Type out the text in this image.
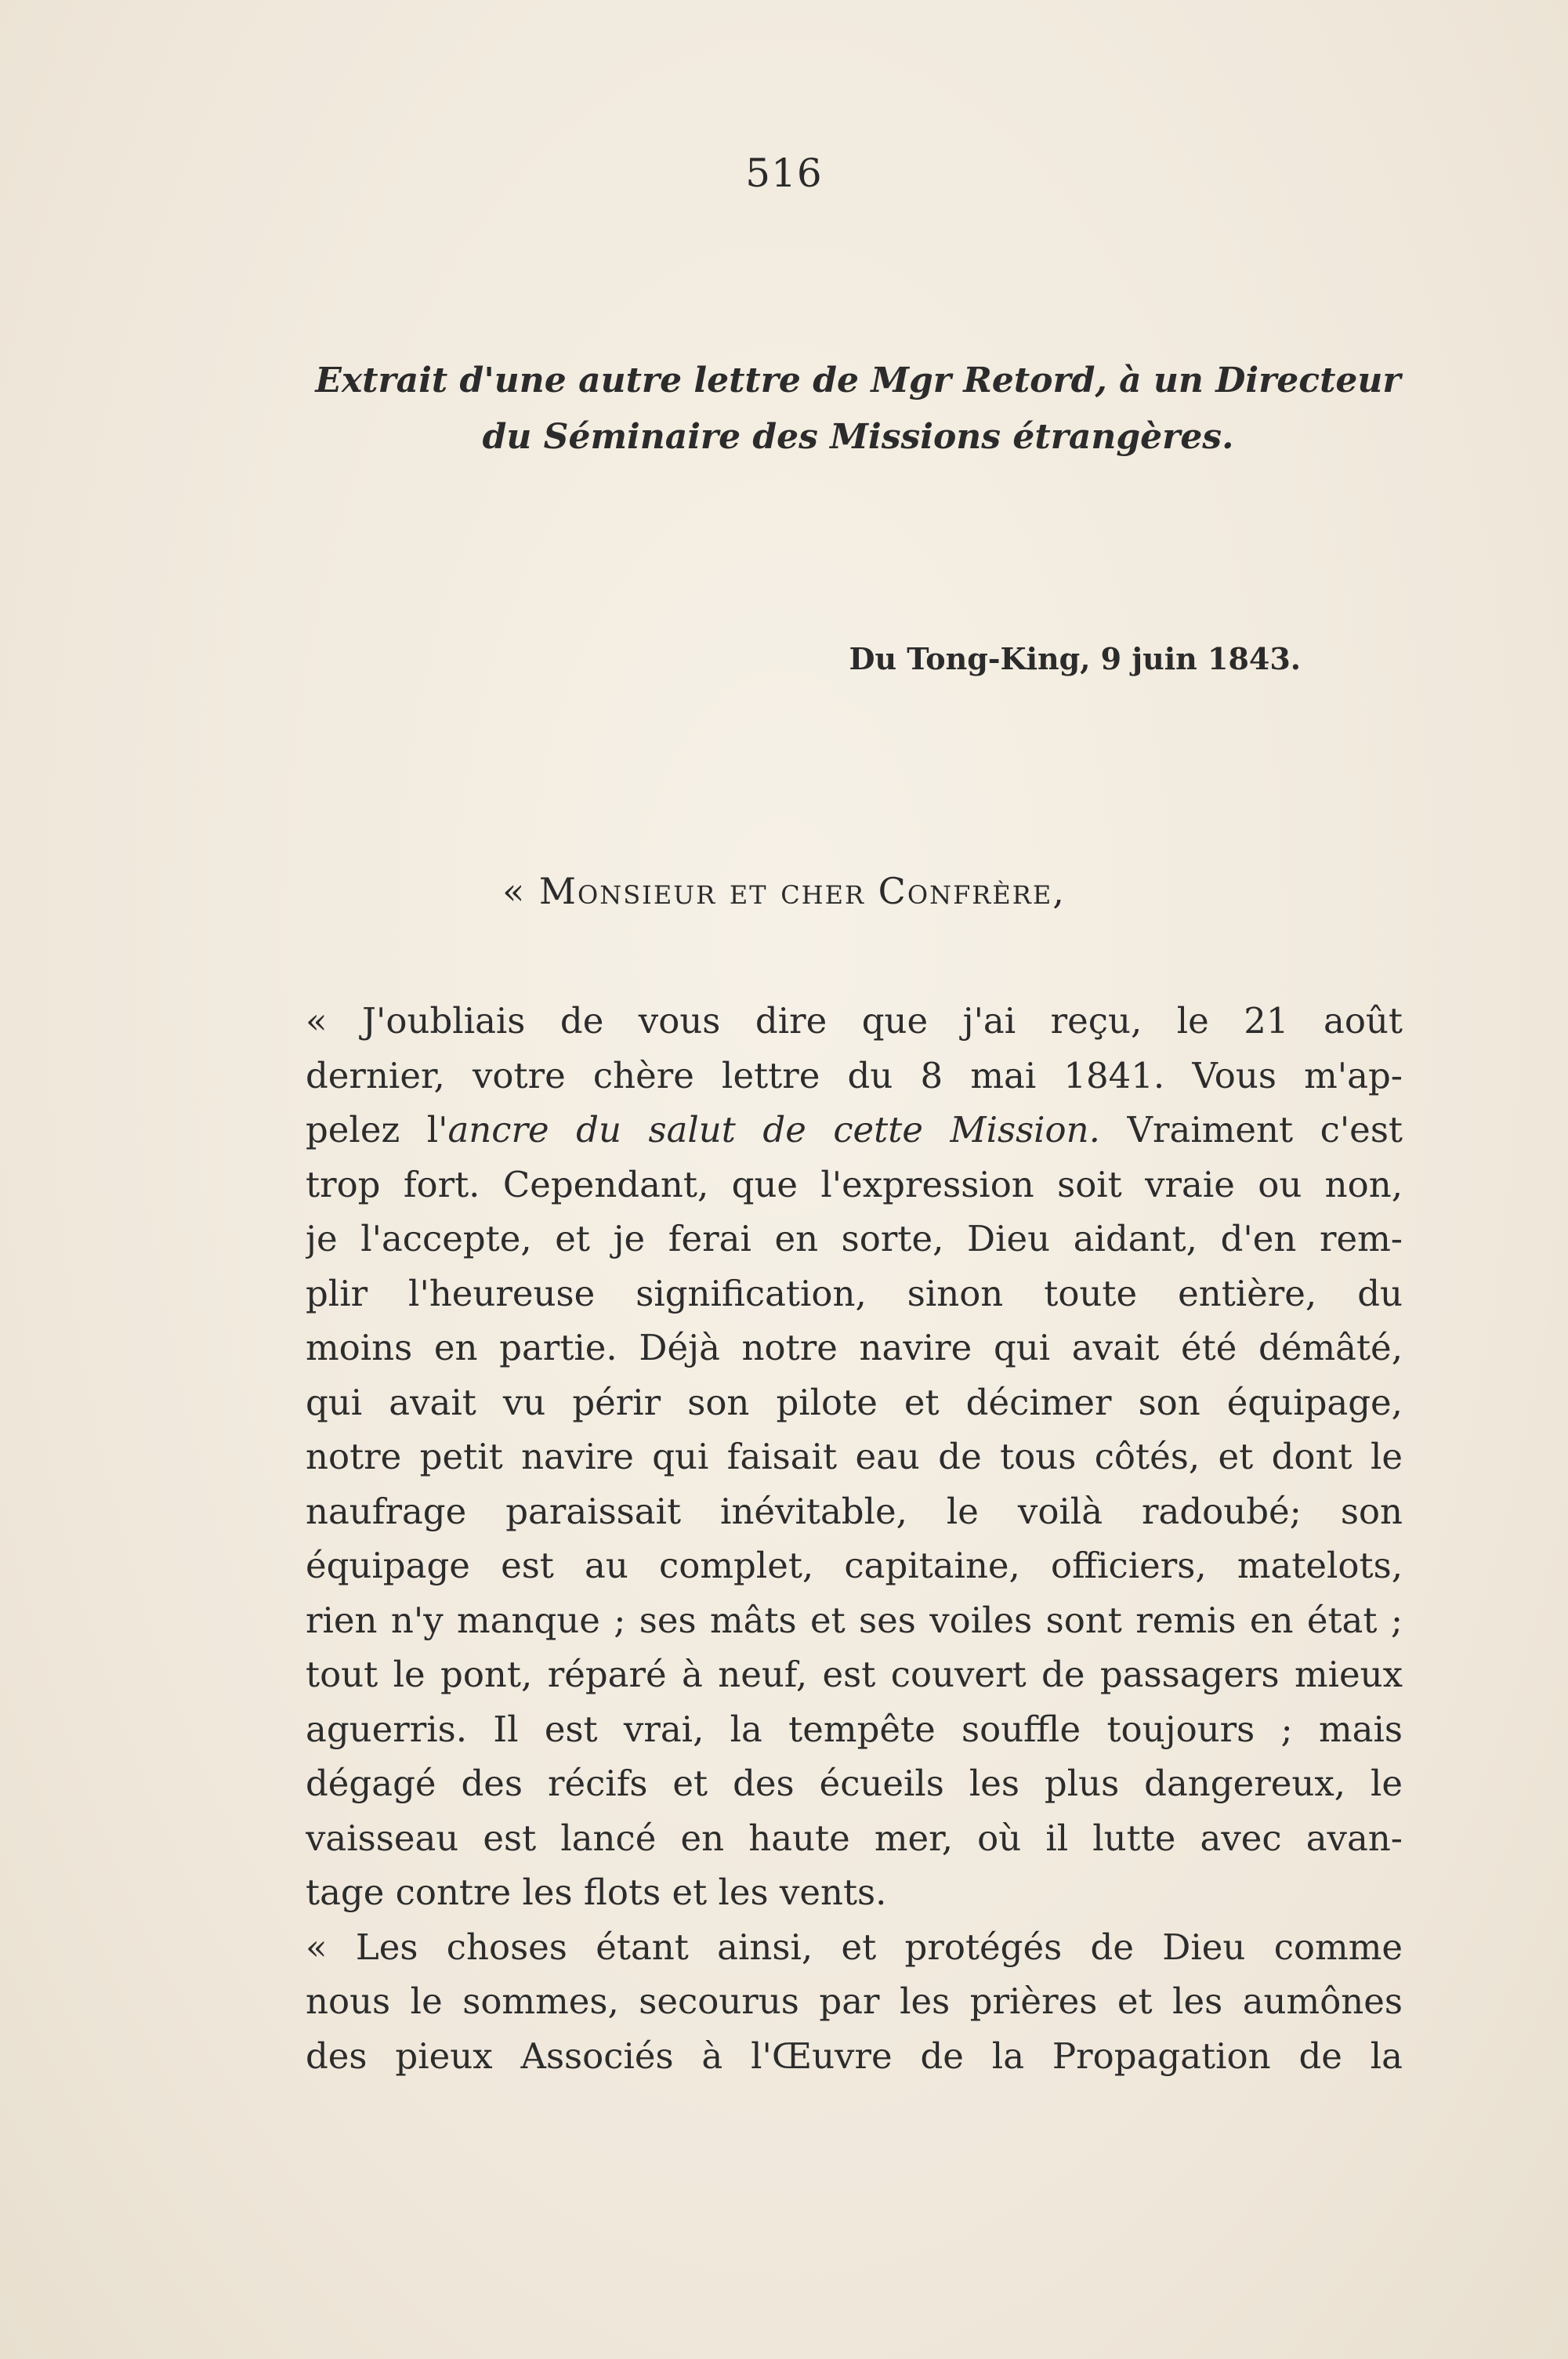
516
Extrait d'une autre lettre de Mgr Retord, à un Directeur
du Séminaire des Missions étrangères.
Du Tong-King, 9 juin 1843.
« Monsieur et cher Confrère,
« J'oubliais de vous dire que j'ai reçu, le 21 août
dernier, votre chère lettre du 8 mai 1841. Vous m'ap-
pelez l'ancre du salut de cette Mission. Vraiment c'est
trop fort. Cependant, que l'expression soit vraie ou non,
je l'accepte, et je ferai en sorte, Dieu aidant, d'en rem-
plir l'heureuse signification, sinon toute entière, du
moins en partie. Déjà notre navire qui avait été démâté,
qui avait vu périr son pilote et décimer son équipage,
notre petit navire qui faisait eau de tous côtés, et dont le
naufrage paraissait inévitable, le voilà radoubé; son
équipage est au complet, capitaine, officiers, matelots,
rien n'y manque ; ses mâts et ses voiles sont remis en état ;
tout le pont, réparé à neuf, est couvert de passagers mieux
aguerris. Il est vrai, la tempête souffle toujours ; mais
dégagé des récifs et des écueils les plus dangereux, le
vaisseau est lancé en haute mer, où il lutte avec avan-
tage contre les flots et les vents.
« Les choses étant ainsi, et protégés de Dieu comme
nous le sommes, secourus par les prières et les aumônes
des pieux Associés à l'Œuvre de la Propagation de la
